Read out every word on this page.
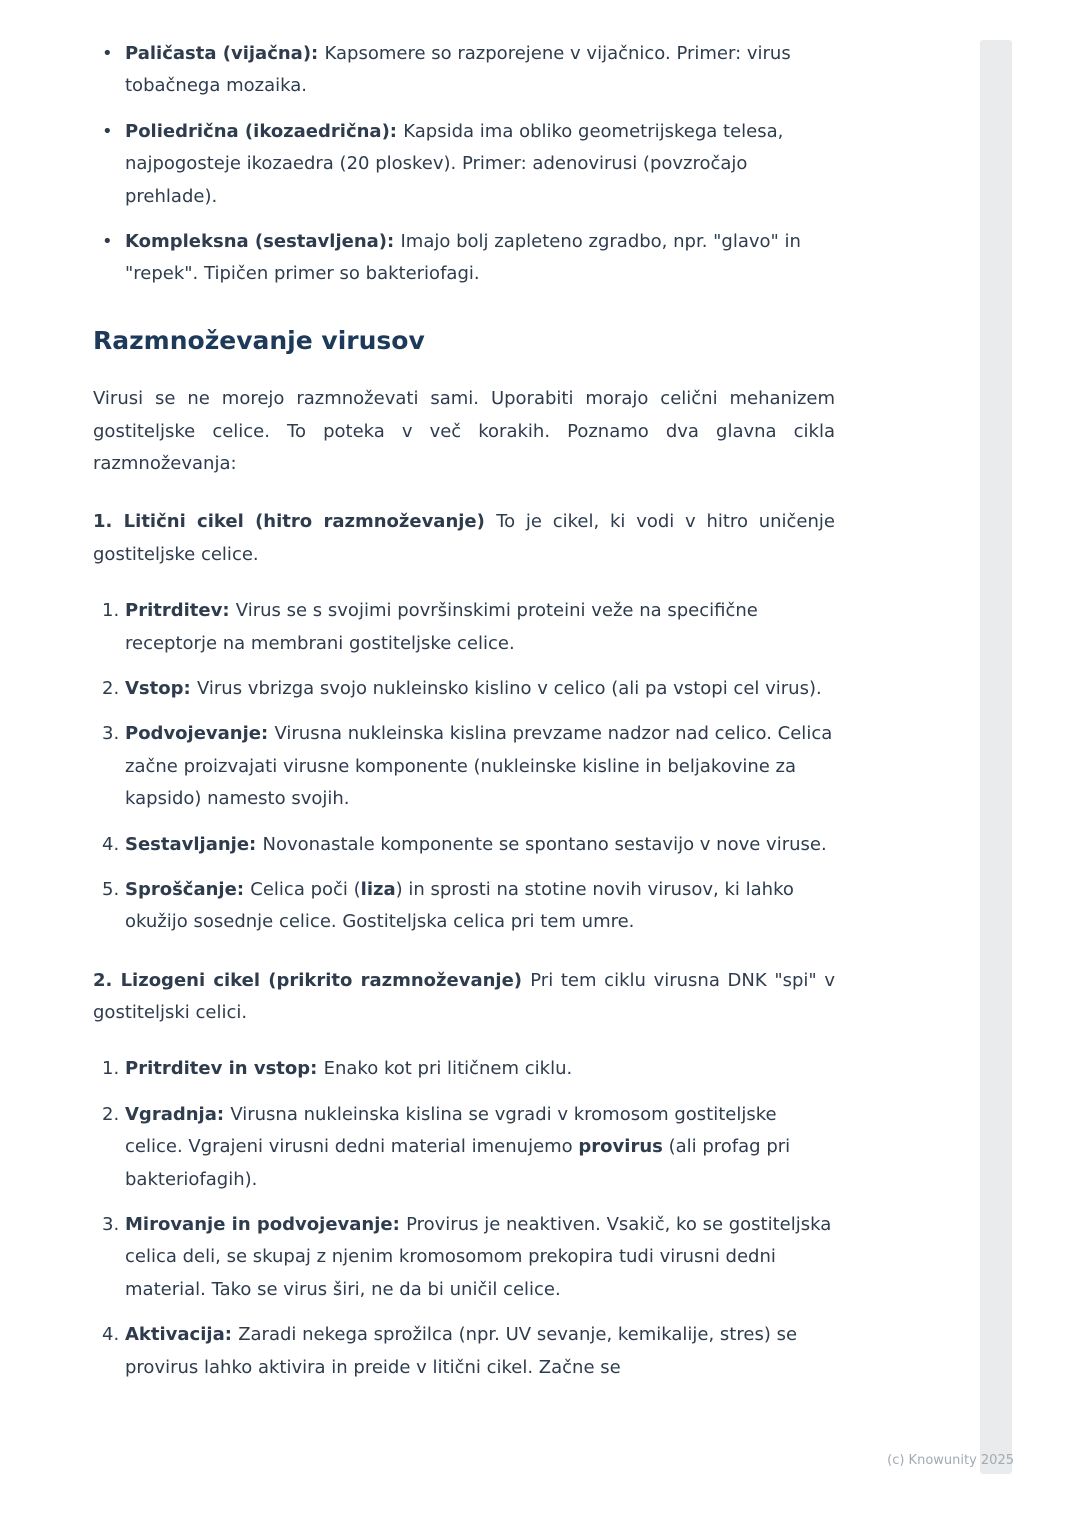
• Paličasta (vijačna): Kapsomere so razporejene v vijačnico. Primer: virus tobačnega mozaika.
• Poliedrična (ikozaedrična): Kapsida ima obliko geometrijskega telesa, najpogosteje ikozaedra (20 ploskev). Primer: adenovirusi (povzročajo prehlade).
• Kompleksna (sestavljena): Imajo bolj zapleteno zgradbo, npr. "glavo" in "repek". Tipičen primer so bakteriofagi.
Razmnoževanje virusov

Virusi se ne morejo razmnoževati sami. Uporabiti morajo celični mehanizem gostiteljske celice. To poteka v več korakih. Poznamo dva glavna cikla razmnoževanja:

1. Litični cikel (hitro razmnoževanje) To je cikel, ki vodi v hitro uničenje gostiteljske celice.

1. Pritrditev: Virus se s svojimi površinskimi proteini veže na specifične receptorje na membrani gostiteljske celice.
2. Vstop: Virus vbrizga svojo nukleinsko kislino v celico (ali pa vstopi cel virus).
3. Podvojevanje: Virusna nukleinska kislina prevzame nadzor nad celico. Celica začne proizvajati virusne komponente (nukleinske kisline in beljakovine za kapsido) namesto svojih.
4. Sestavljanje: Novonastale komponente se spontano sestavijo v nove viruse.
5. Sproščanje: Celica poči (liza) in sprosti na stotine novih virusov, ki lahko okužijo sosednje celice. Gostiteljska celica pri tem umre.

2. Lizogeni cikel (prikrito razmnoževanje) Pri tem ciklu virusna DNK "spi" v gostiteljski celici.

1. Pritrditev in vstop: Enako kot pri litičnem ciklu.
2. Vgradnja: Virusna nukleinska kislina se vgradi v kromosom gostiteljske celice. Vgrajeni virusni dedni material imenujemo provirus (ali profag pri bakteriofagih).
3. Mirovanje in podvojevanje: Provirus je neaktiven. Vsakič, ko se gostiteljska celica deli, se skupaj z njenim kromosomom prekopira tudi virusni dedni material. Tako se virus širi, ne da bi uničil celice.
4. Aktivacija: Zaradi nekega sprožilca (npr. UV sevanje, kemikalije, stres) se provirus lahko aktivira in preide v litični cikel. Začne se
(c) Knowunity 2025
